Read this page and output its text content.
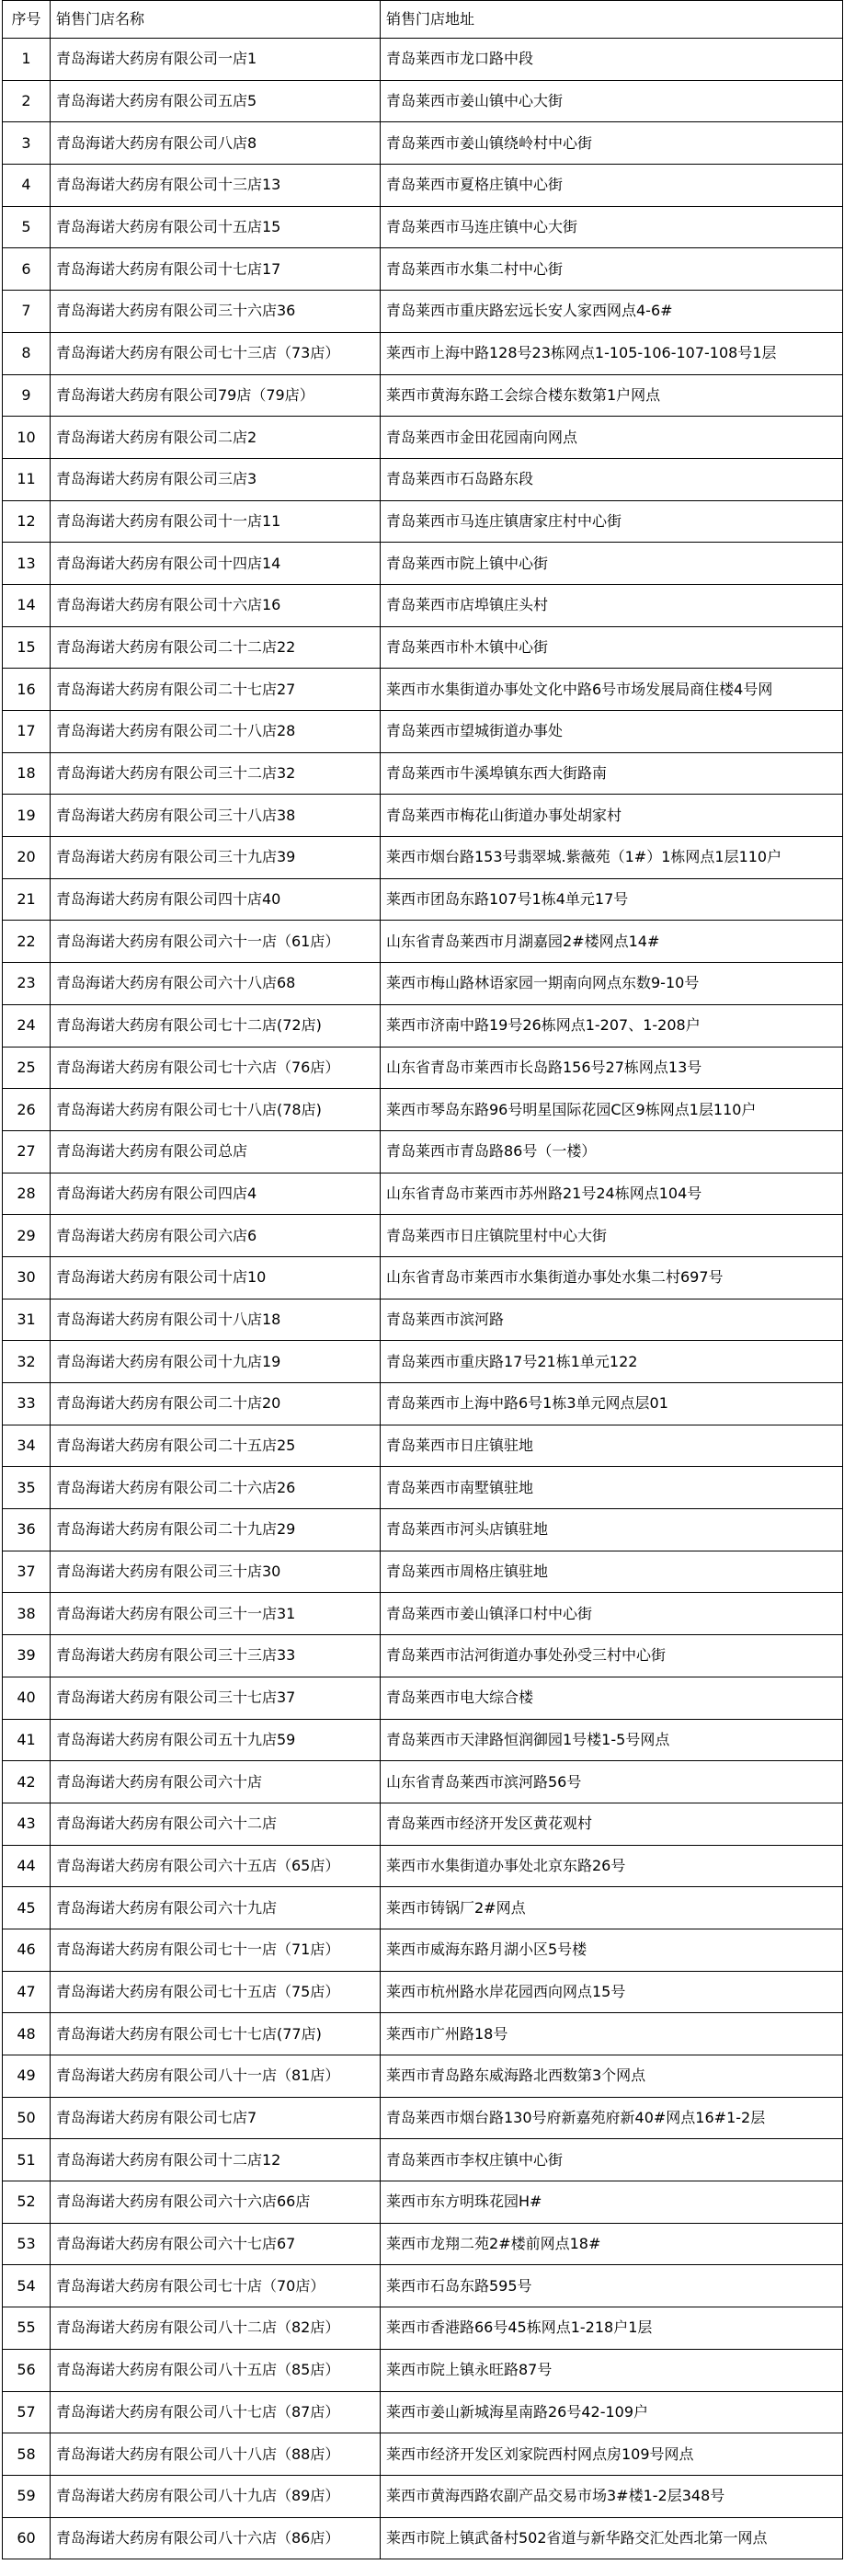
序号	销售门店名称	销售门店地址
1	青岛海诺大药房有限公司一店1	青岛莱西市龙口路中段
2	青岛海诺大药房有限公司五店5	青岛莱西市姜山镇中心大街
3	青岛海诺大药房有限公司八店8	青岛莱西市姜山镇绕岭村中心街
4	青岛海诺大药房有限公司十三店13	青岛莱西市夏格庄镇中心街
5	青岛海诺大药房有限公司十五店15	青岛莱西市马连庄镇中心大街
6	青岛海诺大药房有限公司十七店17	青岛莱西市水集二村中心街
7	青岛海诺大药房有限公司三十六店36	青岛莱西市重庆路宏远长安人家西网点4-6#
8	青岛海诺大药房有限公司七十三店（73店）	莱西市上海中路128号23栋网点1-105-106-107-108号1层
9	青岛海诺大药房有限公司79店（79店）	莱西市黄海东路工会综合楼东数第1户网点
10	青岛海诺大药房有限公司二店2	青岛莱西市金田花园南向网点
11	青岛海诺大药房有限公司三店3	青岛莱西市石岛路东段
12	青岛海诺大药房有限公司十一店11	青岛莱西市马连庄镇唐家庄村中心街
13	青岛海诺大药房有限公司十四店14	青岛莱西市院上镇中心街
14	青岛海诺大药房有限公司十六店16	青岛莱西市店埠镇庄头村
15	青岛海诺大药房有限公司二十二店22	青岛莱西市朴木镇中心街
16	青岛海诺大药房有限公司二十七店27	莱西市水集街道办事处文化中路6号市场发展局商住楼4号网
17	青岛海诺大药房有限公司二十八店28	青岛莱西市望城街道办事处
18	青岛海诺大药房有限公司三十二店32	青岛莱西市牛溪埠镇东西大街路南
19	青岛海诺大药房有限公司三十八店38	青岛莱西市梅花山街道办事处胡家村
20	青岛海诺大药房有限公司三十九店39	莱西市烟台路153号翡翠城.紫薇苑（1#）1栋网点1层110户
21	青岛海诺大药房有限公司四十店40	莱西市团岛东路107号1栋4单元17号
22	青岛海诺大药房有限公司六十一店（61店）	山东省青岛莱西市月湖嘉园2#楼网点14#
23	青岛海诺大药房有限公司六十八店68	莱西市梅山路林语家园一期南向网点东数9-10号
24	青岛海诺大药房有限公司七十二店(72店)	莱西市济南中路19号26栋网点1-207、1-208户
25	青岛海诺大药房有限公司七十六店（76店）	山东省青岛市莱西市长岛路156号27栋网点13号
26	青岛海诺大药房有限公司七十八店(78店)	莱西市琴岛东路96号明星国际花园C区9栋网点1层110户
27	青岛海诺大药房有限公司总店	青岛莱西市青岛路86号（一楼）
28	青岛海诺大药房有限公司四店4	山东省青岛市莱西市苏州路21号24栋网点104号
29	青岛海诺大药房有限公司六店6	青岛莱西市日庄镇院里村中心大街
30	青岛海诺大药房有限公司十店10	山东省青岛市莱西市水集街道办事处水集二村697号
31	青岛海诺大药房有限公司十八店18	青岛莱西市滨河路
32	青岛海诺大药房有限公司十九店19	青岛莱西市重庆路17号21栋1单元122
33	青岛海诺大药房有限公司二十店20	青岛莱西市上海中路6号1栋3单元网点层01
34	青岛海诺大药房有限公司二十五店25	青岛莱西市日庄镇驻地
35	青岛海诺大药房有限公司二十六店26	青岛莱西市南墅镇驻地
36	青岛海诺大药房有限公司二十九店29	青岛莱西市河头店镇驻地
37	青岛海诺大药房有限公司三十店30	青岛莱西市周格庄镇驻地
38	青岛海诺大药房有限公司三十一店31	青岛莱西市姜山镇泽口村中心街
39	青岛海诺大药房有限公司三十三店33	青岛莱西市沽河街道办事处孙受三村中心街
40	青岛海诺大药房有限公司三十七店37	青岛莱西市电大综合楼
41	青岛海诺大药房有限公司五十九店59	青岛莱西市天津路恒润御园1号楼1-5号网点
42	青岛海诺大药房有限公司六十店	山东省青岛莱西市滨河路56号
43	青岛海诺大药房有限公司六十二店	青岛莱西市经济开发区黄花观村
44	青岛海诺大药房有限公司六十五店（65店）	莱西市水集街道办事处北京东路26号
45	青岛海诺大药房有限公司六十九店	莱西市铸锅厂2#网点
46	青岛海诺大药房有限公司七十一店（71店）	莱西市威海东路月湖小区5号楼
47	青岛海诺大药房有限公司七十五店（75店）	莱西市杭州路水岸花园西向网点15号
48	青岛海诺大药房有限公司七十七店(77店)	莱西市广州路18号
49	青岛海诺大药房有限公司八十一店（81店）	莱西市青岛路东威海路北西数第3个网点
50	青岛海诺大药房有限公司七店7	青岛莱西市烟台路130号府新嘉苑府新40#网点16#1-2层
51	青岛海诺大药房有限公司十二店12	青岛莱西市李权庄镇中心街
52	青岛海诺大药房有限公司六十六店66店	莱西市东方明珠花园H#
53	青岛海诺大药房有限公司六十七店67	莱西市龙翔二苑2#楼前网点18#
54	青岛海诺大药房有限公司七十店（70店）	莱西市石岛东路595号
55	青岛海诺大药房有限公司八十二店（82店）	莱西市香港路66号45栋网点1-218户1层
56	青岛海诺大药房有限公司八十五店（85店）	莱西市院上镇永旺路87号
57	青岛海诺大药房有限公司八十七店（87店）	莱西市姜山新城海星南路26号42-109户
58	青岛海诺大药房有限公司八十八店（88店）	莱西市经济开发区刘家院西村网点房109号网点
59	青岛海诺大药房有限公司八十九店（89店）	莱西市黄海西路农副产品交易市场3#楼1-2层348号
60	青岛海诺大药房有限公司八十六店（86店）	莱西市院上镇武备村502省道与新华路交汇处西北第一网点
